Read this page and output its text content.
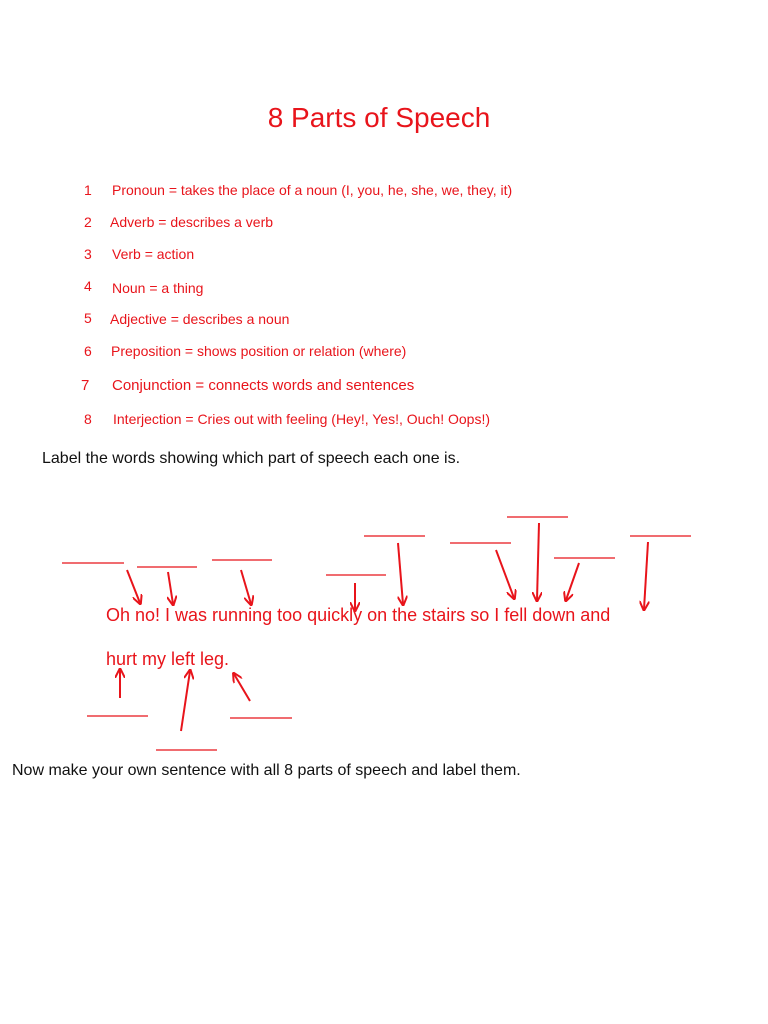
8 Parts of Speech
1 Pronoun = takes the place of a noun (I, you, he, she, we, they, it)
2 Adverb = describes a verb
3 Verb = action
4 Noun = a thing
5 Adjective = describes a noun
6 Preposition = shows position or relation (where)
7 Conjunction = connects words and sentences
8 Interjection = Cries out with feeling (Hey!, Yes!, Ouch! Oops!)
Label the words showing which part of speech each one is.
Oh no! I was running too quickly on the stairs so I fell down and
hurt my left leg.
Now make your own sentence with all 8 parts of speech and label them.
